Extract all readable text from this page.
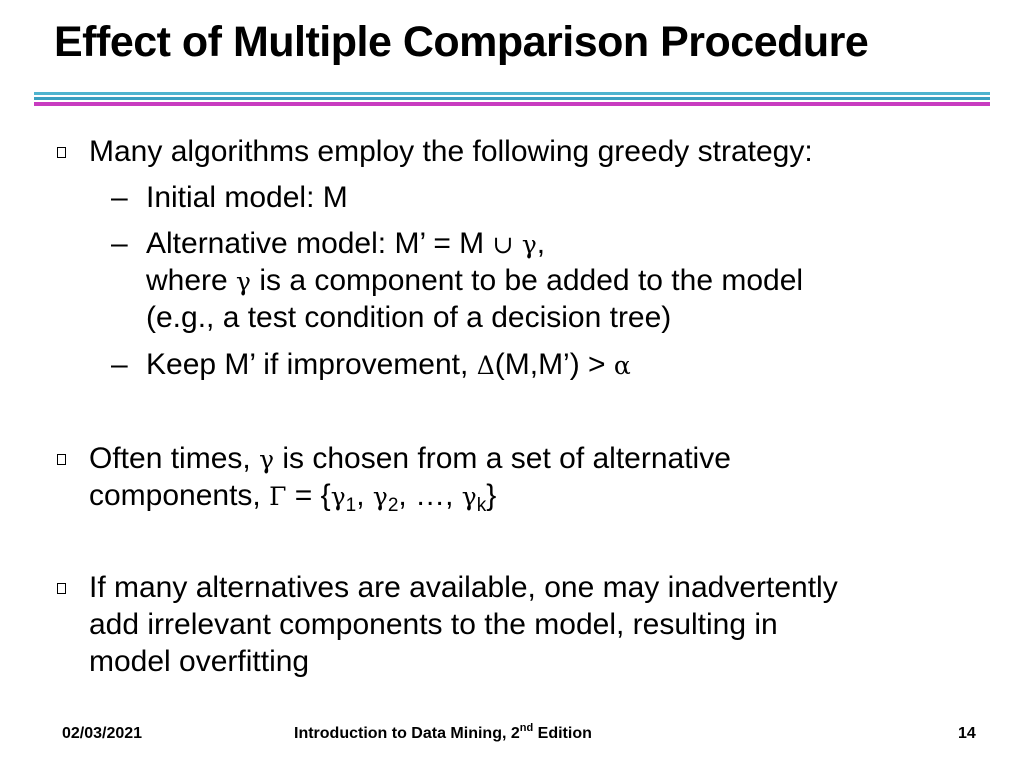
Effect of Multiple Comparison Procedure
Many algorithms employ the following greedy strategy:
– Initial model: M
– Alternative model: M’ = M ∪ γ,
where γ is a component to be added to the model
(e.g., a test condition of a decision tree)
– Keep M’ if improvement, Δ(M,M’) > α
Often times, γ is chosen from a set of alternative
components, $\Gamma = \{\gamma_1$, $\gamma_2$, …, $\gamma_k$}
If many alternatives are available, one may inadvertently
add irrelevant components to the model, resulting in
model overfitting
02/03/2021	Introduction to Data Mining, 2nd Edition	14
